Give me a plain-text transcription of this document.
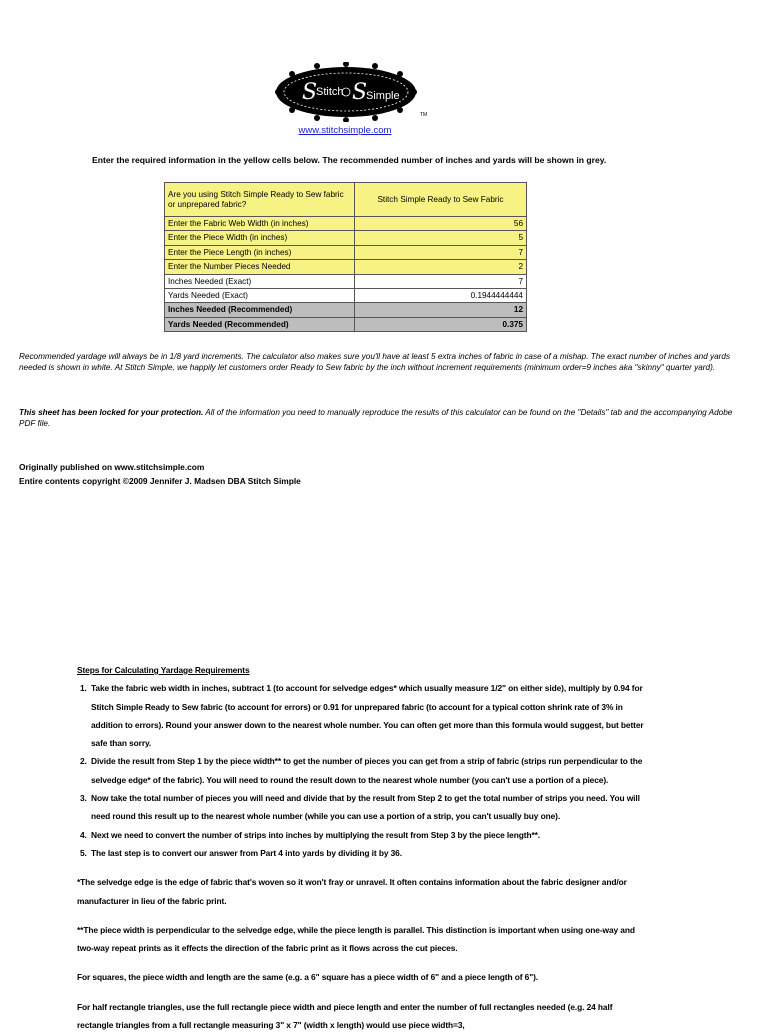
S
Stitch S
Simple
TM
www.stitchsimple.com
Enter the required information in the yellow cells below. The recommended number of inches and yards will be shown in grey.
Are you using Stitch Simple Ready to Sew fabric or unprepared fabric?	Stitch Simple Ready to Sew Fabric
Enter the Fabric Web Width (in inches)	56
Enter the Piece Width (in inches)	5
Enter the Piece Length (in inches)	7
Enter the Number Pieces Needed	2
Inches Needed (Exact)	7
Yards Needed (Exact)	0.1944444444
Inches Needed (Recommended)	12
Yards Needed (Recommended)	0.375
Recommended yardage will always be in 1/8 yard increments. The calculator also makes sure you'll have at least 5 extra inches of fabric in case of a mishap. The exact number of inches and yards needed is shown in white. At Stitch Simple, we happily let customers order Ready to Sew fabric by the inch without increment requirements (minimum order=9 inches aka "skinny" quarter yard).
This sheet has been locked for your protection. All of the information you need to manually reproduce the results of this calculator can be found on the "Details" tab and the accompanying Adobe PDF file.
Originally published on www.stitchsimple.com
Entire contents copyright ©2009 Jennifer J. Madsen DBA Stitch Simple
Steps for Calculating Yardage Requirements
1. Take the fabric web width in inches, subtract 1 (to account for selvedge edges* which usually measure 1/2" on either side), multiply by 0.94 for Stitch Simple Ready to Sew fabric (to account for errors) or 0.91 for unprepared fabric (to account for a typical cotton shrink rate of 3% in addition to errors). Round your answer down to the nearest whole number. You can often get more than this formula would suggest, but better safe than sorry.
2. Divide the result from Step 1 by the piece width** to get the number of pieces you can get from a strip of fabric (strips run perpendicular to the selvedge edge* of the fabric). You will need to round the result down to the nearest whole number (you can't use a portion of a piece).
3. Now take the total number of pieces you will need and divide that by the result from Step 2 to get the total number of strips you need. You will need round this result up to the nearest whole number (while you can use a portion of a strip, you can't usually buy one).
4. Next we need to convert the number of strips into inches by multiplying the result from Step 3 by the piece length**.
5. The last step is to convert our answer from Part 4 into yards by dividing it by 36.

*The selvedge edge is the edge of fabric that's woven so it won't fray or unravel. It often contains information about the fabric designer and/or manufacturer in lieu of the fabric print.

**The piece width is perpendicular to the selvedge edge, while the piece length is parallel. This distinction is important when using one-way and two-way repeat prints as it effects the direction of the fabric print as it flows across the cut pieces.

For squares, the piece width and length are the same (e.g. a 6" square has a piece width of 6" and a piece length of 6").

For half rectangle triangles, use the full rectangle piece width and piece length and enter the number of full rectangles needed (e.g. 24 half rectangle triangles from a full rectangle measuring 3" x 7" (width x length) would use piece width=3,
